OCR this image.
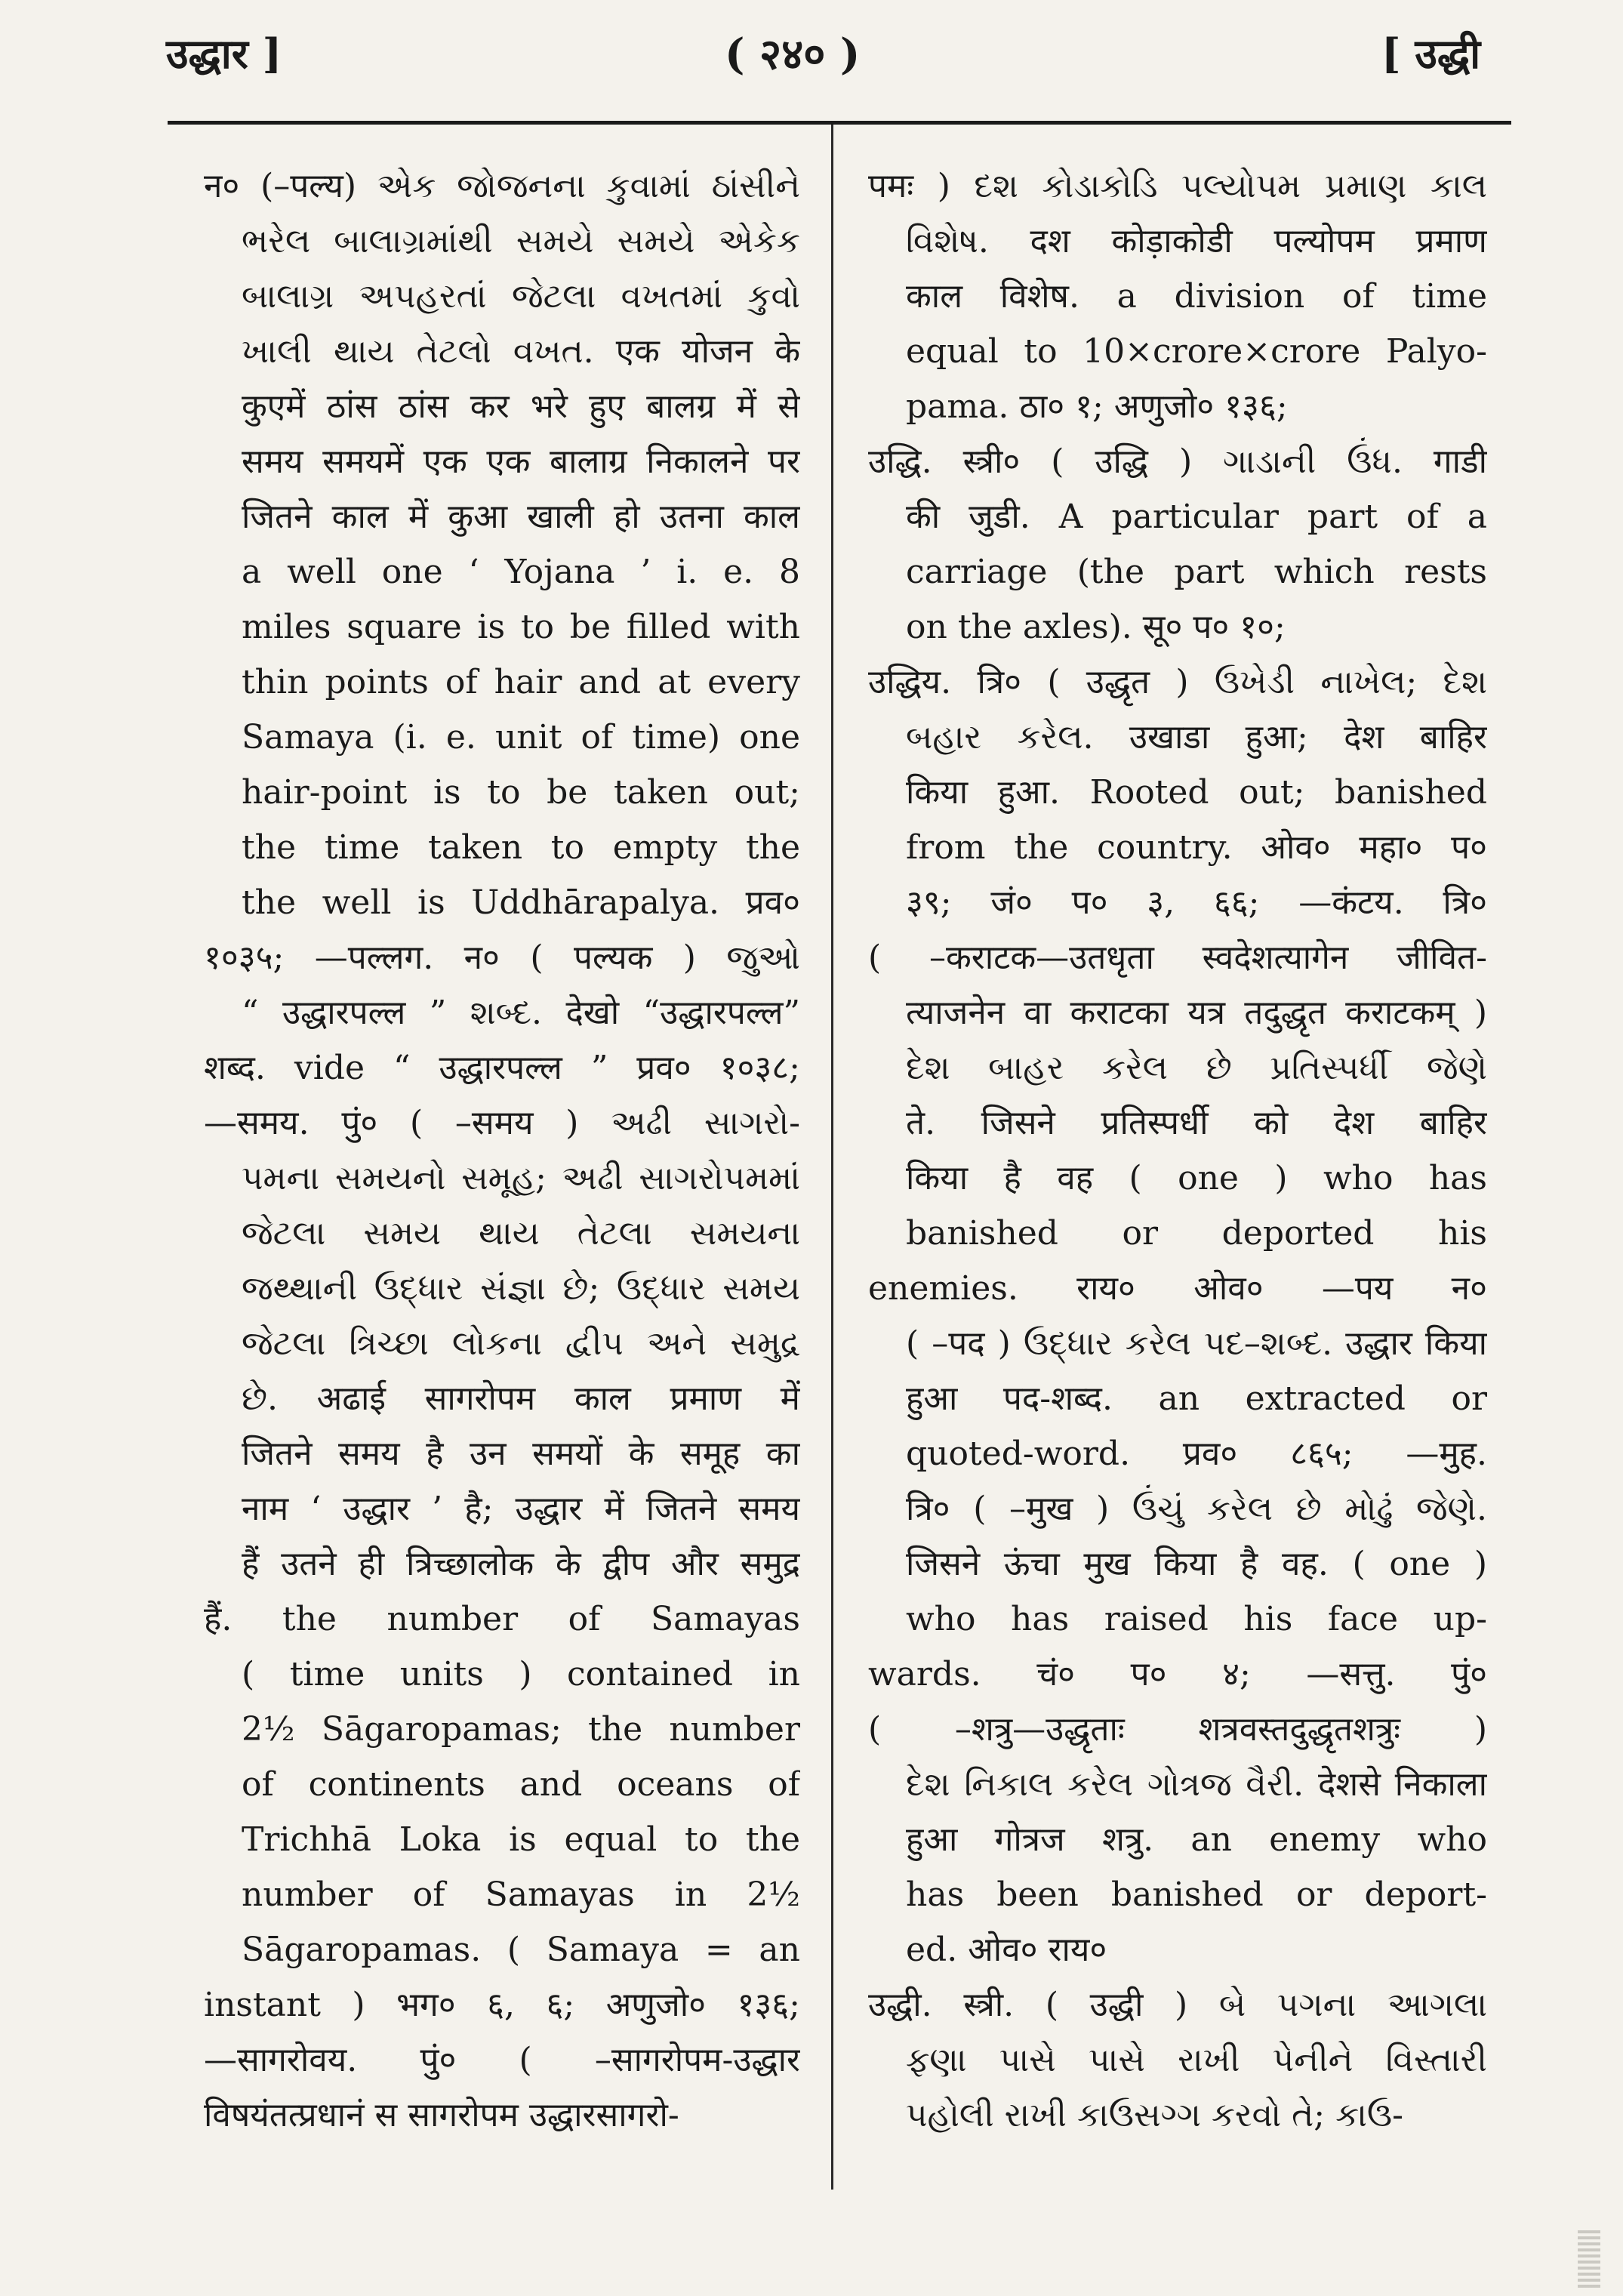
उद्धार ]	( २४० )	[ उद्धी
न० (–पल्य) એક જોજનના કુવામાં ઠાંસીને
ભરેલ બાલાગ્રમાંથી સમયે સમયે એકેક
બાલાગ્ર અપહરતાં જેટલા વખતમાં કુવો
ખાલી થાય તેટલો વખત. एक योजन के
कुएमें ठांस ठांस कर भरे हुए बालग्र में से
समय समयमें एक एक बालाग्र निकालने पर
जितने काल में कुआ खाली हो उतना काल
a well one ‘ Yojana ’ i. e. 8
miles square is to be filled with
thin points of hair and at every
Samaya (i. e. unit of time) one
hair-point is to be taken out;
the time taken to empty the
the well is Uddhārapalya. प्रव०
१०३५; —पल्लग. न० ( पल्यक ) જુઓ
“ उद्धारपल्ल ” શબ્દ. देखो “उद्धारपल्ल”
शब्द. vide “ उद्धारपल्ल ” प्रव० १०३८;
—समय. पुं० ( –समय ) અઢી સાગરો-
પમના સમયનો સમૂહ; અઢી સાગરોપમમાં
જેટલા સમય થાય તેટલા સમયના
જથ્થાની ઉદ્ધાર સંજ્ઞા છે; ઉદ્ધાર સમય
જેટલા ત્રિચ્છા લોકના દ્વીપ અને સમુદ્ર
છે. अढाई सागरोपम काल प्रमाण में
जितने समय है उन समयों के समूह का
नाम ‘ उद्धार ’ है; उद्धार में जितने समय
हैं उतने ही त्रिच्छालोक के द्वीप और समुद्र
हैं. the number of Samayas
( time units ) contained in
2½ Sāgaropamas; the number
of continents and oceans of
Trichhā Loka is equal to the
number of Samayas in 2½
Sāgaropamas. ( Samaya = an
instant ) भग० ६, ६; अणुजो० १३६;
—सागरोवय. पुं० ( –सागरोपम-उद्धार
विषयंतत्प्रधानं स सागरोपम उद्धारसागरो-
पमः ) દશ કોડાકોડિ પલ્યોપમ પ્રમાણ કાલ
વિશેષ. दश कोड़ाकोडी पल्योपम प्रमाण
काल विशेष. a division of time
equal to 10×crore×crore Palyo-
pama. ठा० १; अणुजो० १३६;
उद्धि. स्त्री० ( उद्धि ) ગાડાની ઉંધ. गाडी
की जुडी. A particular part of a
carriage (the part which rests
on the axles). सू० प० १०;
उद्धिय. त्रि० ( उद्धृत ) ઉખેડી નાખેલ; દેશ
બહાર કરેલ. उखाडा हुआ; देश बाहिर
किया हुआ. Rooted out; banished
from the country. ओव० महा० प०
३९; जं० प० ३, ६६; —कंटय. त्रि०
( –कराटक—उतधृता स्वदेशत्यागेन जीवित-
त्याजनेन वा कराटका यत्र तदुद्धृत कराटकम् )
દેશ બાહર કરેલ છે પ્રતિસ્પર્ધી જેણે
ते. जिसने प्रतिस्पर्धी को देश बाहिर
किया है वह ( one ) who has
banished or deported his
enemies. राय० ओव० —पय न०
( –पद ) ઉદ્ધાર કરેલ પદ–શબ્દ. उद्धार किया
हुआ पद-शब्द. an extracted or
quoted-word. प्रव० ८६५; —मुह.
त्रि० ( –मुख ) ઉંચું કરેલ છે મોઢું જેણે.
जिसने ऊंचा मुख किया है वह. ( one )
who has raised his face up-
wards. चं० प० ४; —सत्तु. पुं०
( –शत्रु—उद्धृताः शत्रवस्तदुद्धृतशत्रुः )
દેશ નિકાલ કરેલ ગોત્રજ વૈરી. देशसे निकाला
हुआ गोत्रज शत्रु. an enemy who
has been banished or deport-
ed. ओव० राय०
उद्धी. स्त्री. ( उद्धी ) બે પગના આગલા
ફણા પાસે પાસે રાખી પેનીને વિસ્તારી
પહોલી રાખી કાઉસગ્ગ કરવો તે; કાઉ-
